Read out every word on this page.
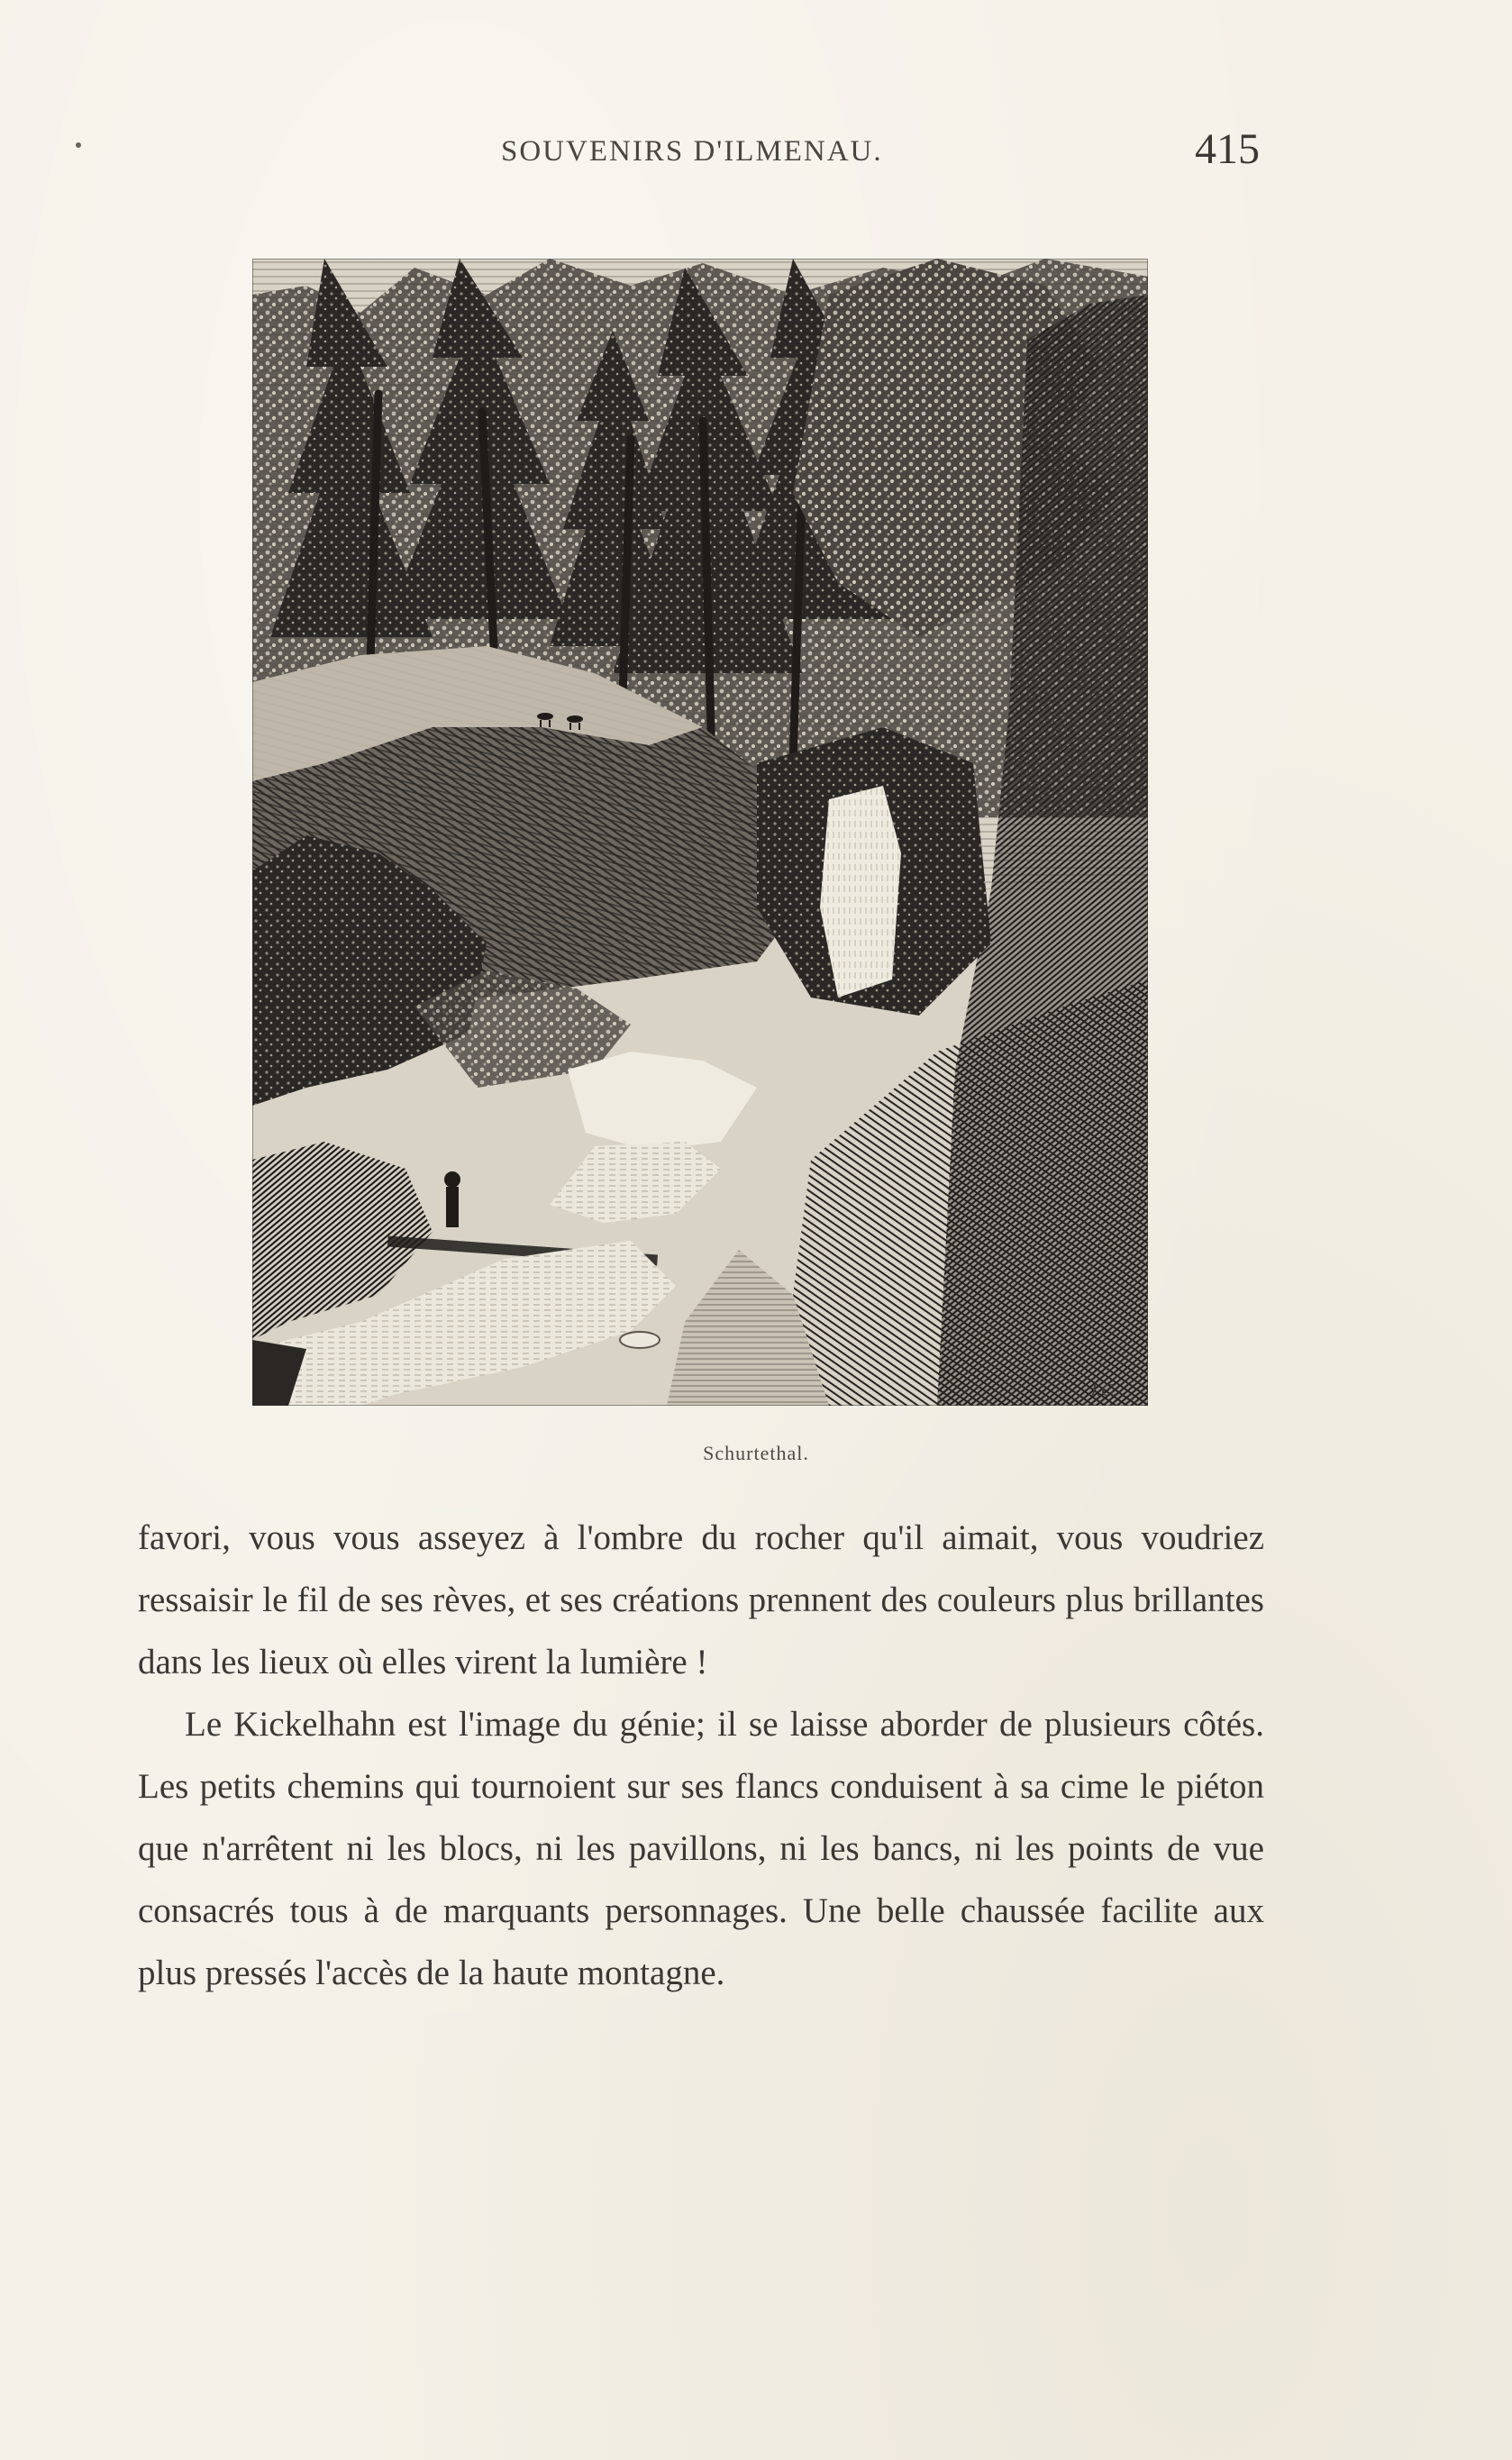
SOUVENIRS D'ILMENAU.	415
J.C.
Schurtethal.

favori, vous vous asseyez à l'ombre du rocher qu'il aimait, vous voudriez ressaisir le fil de ses rèves, et ses créations prennent des couleurs plus brillantes dans les lieux où elles virent la lumière !

Le Kickelhahn est l'image du génie; il se laisse aborder de plusieurs côtés. Les petits chemins qui tournoient sur ses flancs conduisent à sa cime le piéton que n'arrêtent ni les blocs, ni les pavillons, ni les bancs, ni les points de vue consacrés tous à de marquants personnages. Une belle chaussée facilite aux plus pressés l'accès de la haute montagne.
